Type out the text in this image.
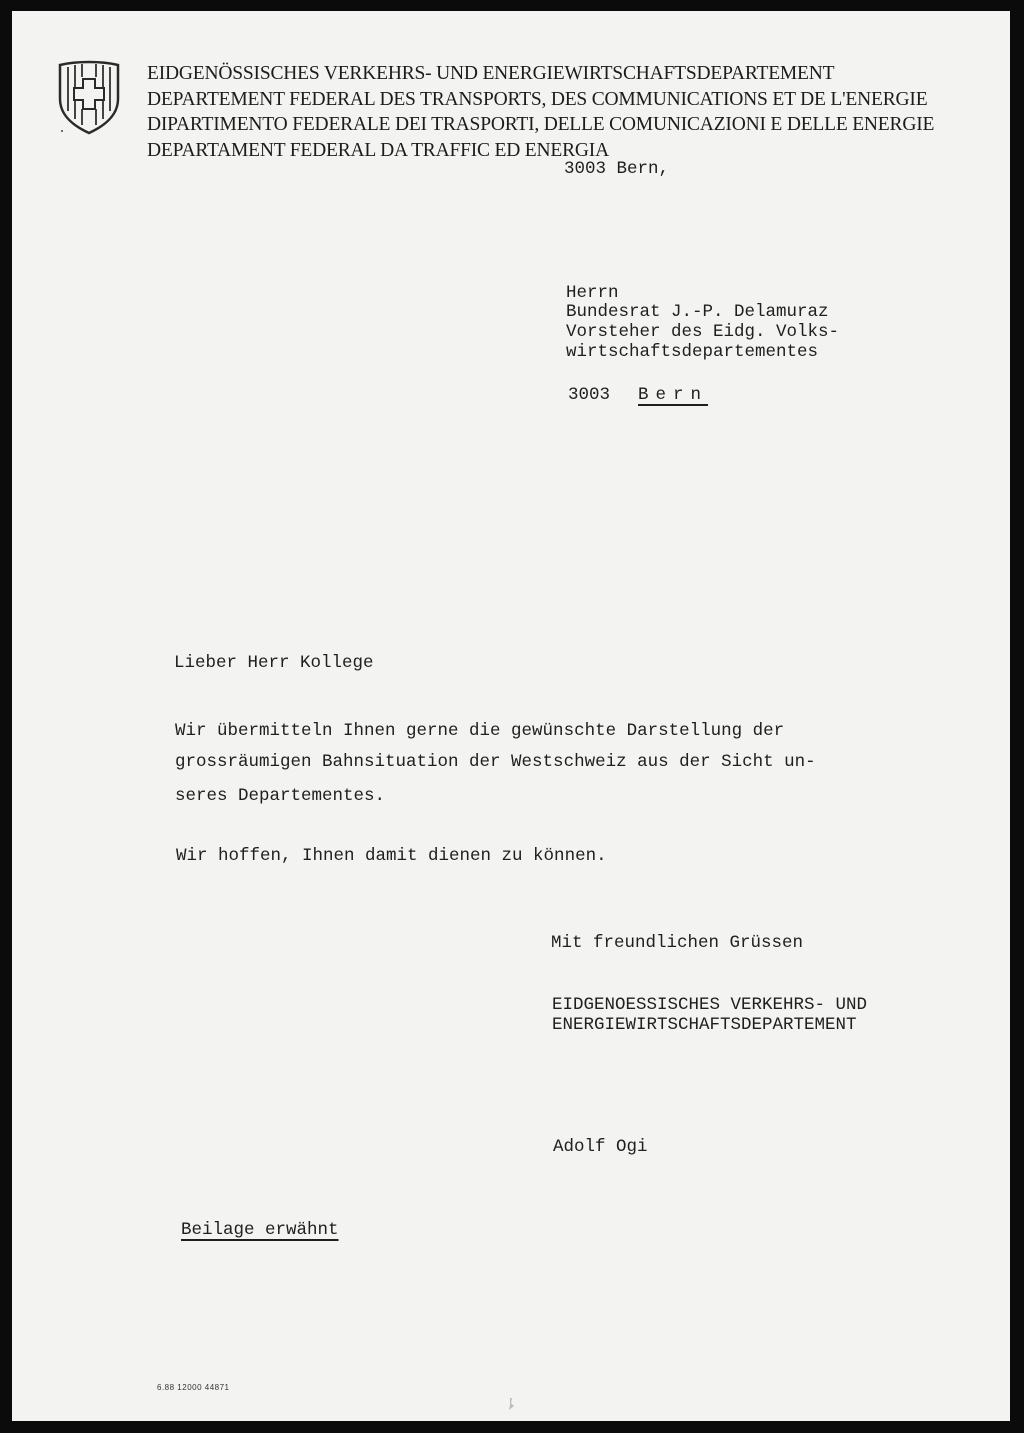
EIDGENÖSSISCHES VERKEHRS- UND ENERGIEWIRTSCHAFTSDEPARTEMENT
DEPARTEMENT FEDERAL DES TRANSPORTS, DES COMMUNICATIONS ET DE L'ENERGIE
DIPARTIMENTO FEDERALE DEI TRASPORTI, DELLE COMUNICAZIONI E DELLE ENERGIE
DEPARTAMENT FEDERAL DA TRAFFIC ED ENERGIA
3003 Bern,
Herrn
Bundesrat J.-P. Delamuraz
Vorsteher des Eidg. Volks-
wirtschaftsdepartementes
3003 Bern
Lieber Herr Kollege
Wir übermitteln Ihnen gerne die gewünschte Darstellung der
grossräumigen Bahnsituation der Westschweiz aus der Sicht un-
seres Departementes.
Wir hoffen, Ihnen damit dienen zu können.
Mit freundlichen Grüssen
EIDGENOESSISCHES VERKEHRS- UND
ENERGIEWIRTSCHAFTSDEPARTEMENT
Adolf Ogi
Beilage erwähnt
6.88 12000 44871
